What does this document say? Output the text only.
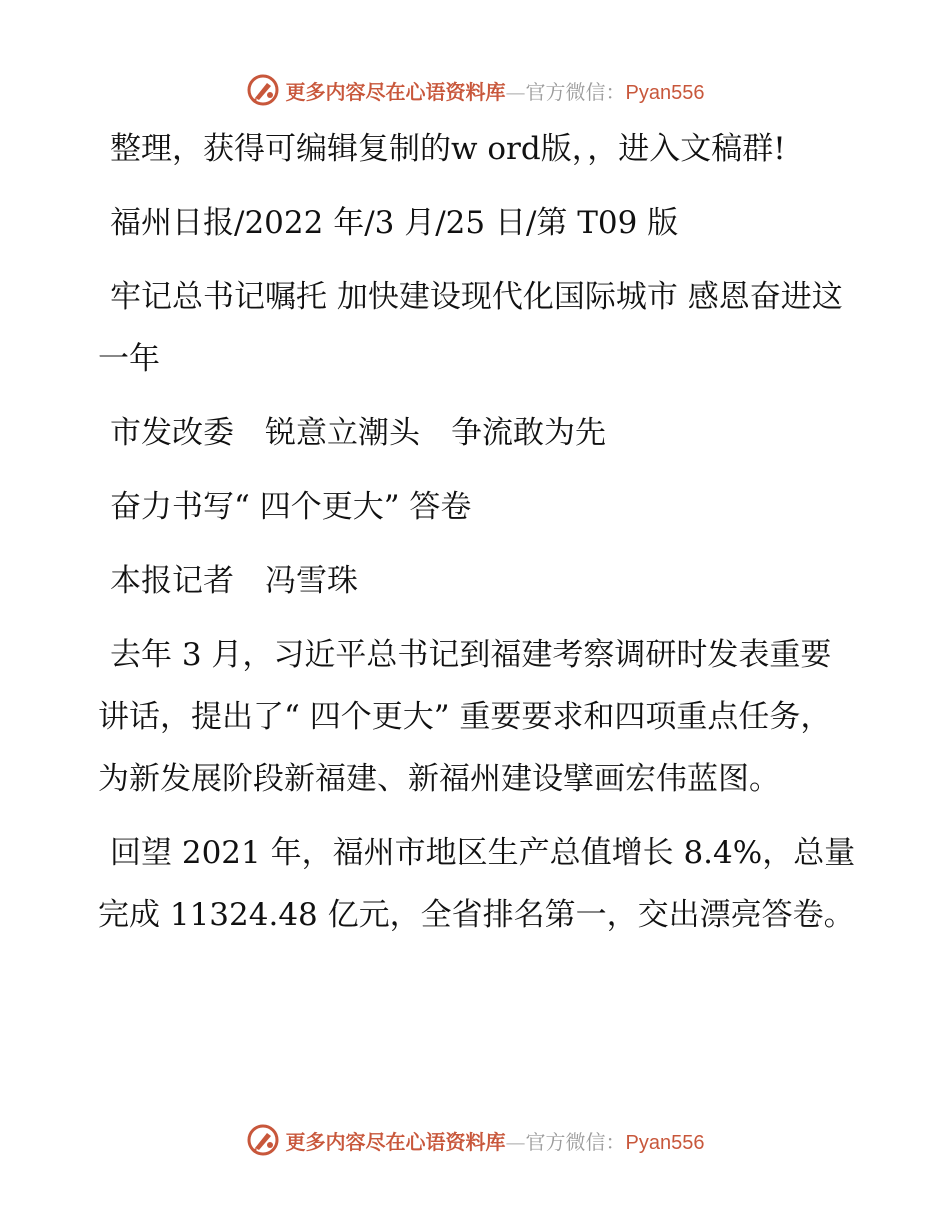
更多内容尽在心语资料库—官方微信：Pyan556

整理，获得可编辑复制的w ord版，，进入文稿群!

福州日报/2022 年/3 月/25 日/第 T09 版

牢记总书记嘱托 加快建设现代化国际城市 感恩奋进这一年

市发改委　锐意立潮头　争流敢为先

奋力书写“ 四个更大” 答卷

本报记者　冯雪珠

去年 3 月，习近平总书记到福建考察调研时发表重要讲话，提出了“ 四个更大” 重要要求和四项重点任务，为新发展阶段新福建、新福州建设擘画宏伟蓝图。

回望 2021 年，福州市地区生产总值增长 8.4%，总量完成 11324.48 亿元，全省排名第一，交出漂亮答卷。

更多内容尽在心语资料库—官方微信：Pyan556
